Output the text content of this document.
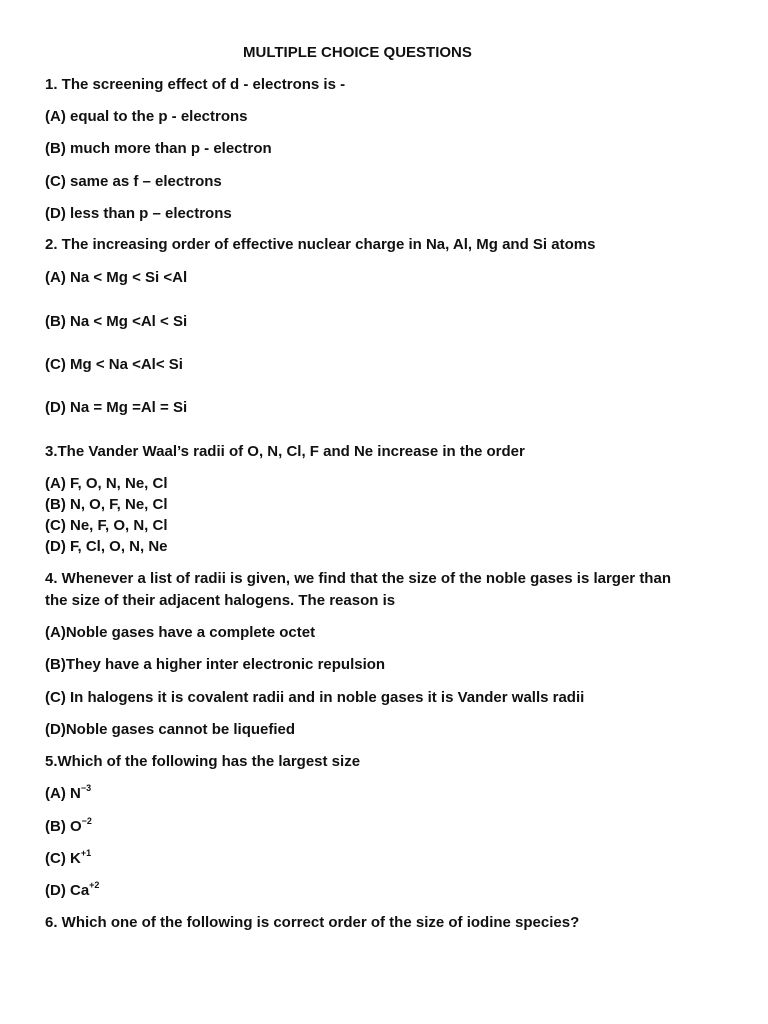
MULTIPLE CHOICE QUESTIONS
1. The screening effect of d - electrons is -
(A) equal to the p - electrons
(B) much more than p - electron
(C) same as f – electrons
(D) less than p – electrons
2. The increasing order of effective nuclear charge in Na, Al, Mg and Si atoms
(A) Na < Mg < Si <Al
(B) Na < Mg <Al < Si
(C) Mg < Na <Al< Si
(D) Na = Mg =Al = Si
3.The Vander Waal’s radii of O, N, Cl, F and Ne increase in the order
(A) F, O, N, Ne, Cl
(B) N, O, F, Ne, Cl
(C) Ne, F, O, N, Cl
(D) F, Cl, O, N, Ne
4. Whenever a list of radii is given, we find that the size of the noble gases is larger than
the size of their adjacent halogens. The reason is
(A)Noble gases have a complete octet
(B)They have a higher inter electronic repulsion
(C) In halogens it is covalent radii and in noble gases it is Vander walls radii
(D)Noble gases cannot be liquefied
5.Which of the following has the largest size
(A) $N^{-3}$
(B) $O^{-2}$
(C) $K^{+1}$
(D) $Ca^{+2}$
6. Which one of the following is correct order of the size of iodine species?
